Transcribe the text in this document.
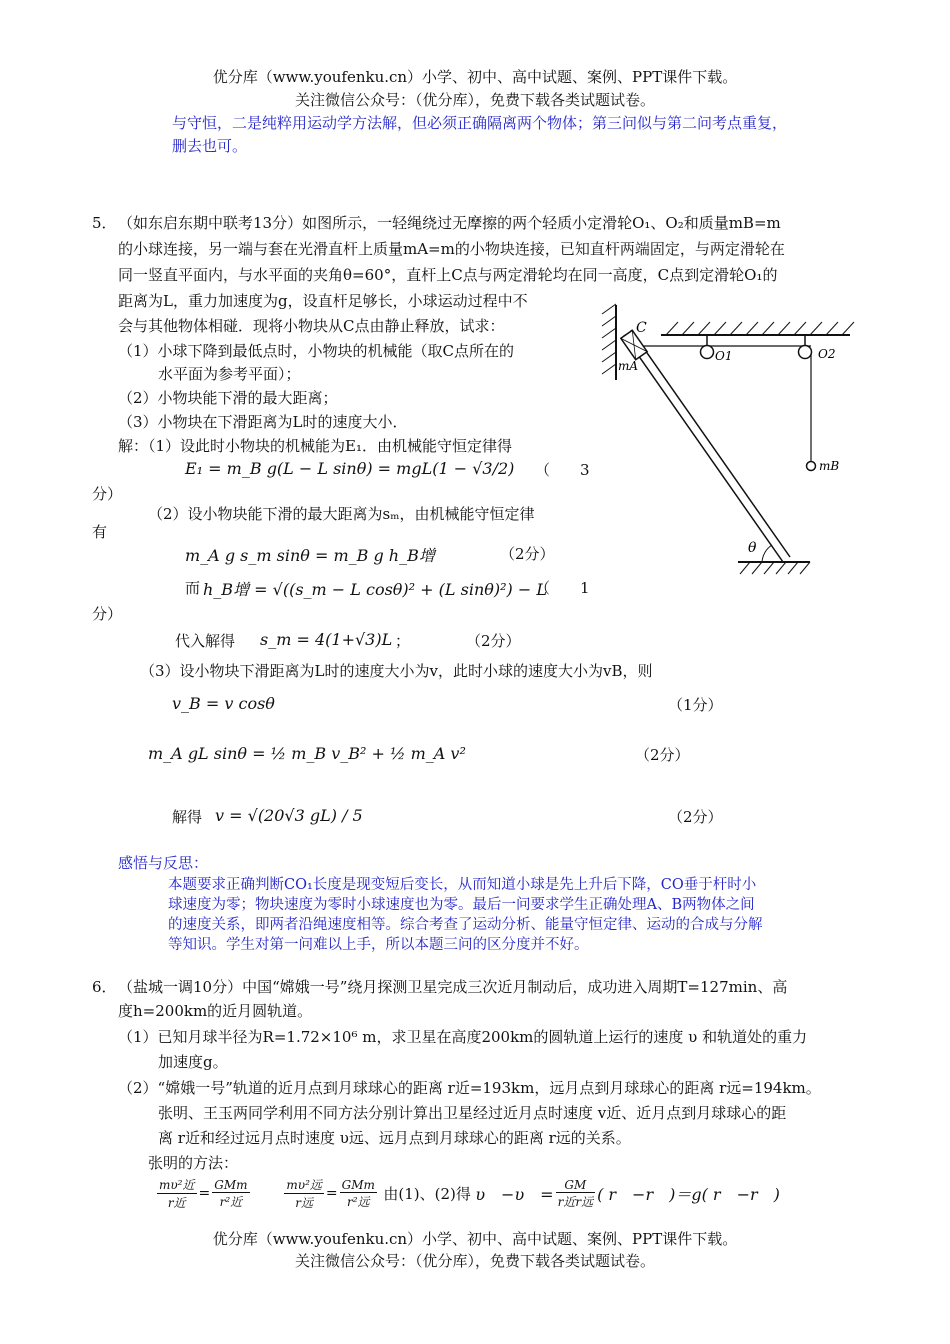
优分库（www.youfenku.cn）小学、初中、高中试题、案例、PPT课件下载。
关注微信公众号：（优分库），免费下载各类试题试卷。
与守恒，二是纯粹用运动学方法解，但必须正确隔离两个物体；第三问似与第二问考点重复，
删去也可。
5． （如东启东期中联考13分）如图所示，一轻绳绕过无摩擦的两个轻质小定滑轮O₁、O₂和质量mB=m
的小球连接，另一端与套在光滑直杆上质量mA=m的小物块连接，已知直杆两端固定，与两定滑轮在
同一竖直平面内，与水平面的夹角θ=60°，直杆上C点与两定滑轮均在同一高度，C点到定滑轮O₁的
距离为L，重力加速度为g，设直杆足够长，小球运动过程中不
会与其他物体相碰．现将小物块从C点由静止释放，试求：
（1）小球下降到最低点时，小物块的机械能（取C点所在的
水平面为参考平面）；
（2）小物块能下滑的最大距离；
（3）小物块在下滑距离为L时的速度大小．
解：（1）设此时小物块的机械能为E₁．由机械能守恒定律得
E₁ = m_B g(L − L sinθ) = mgL(1 − √3/2) （　　3
分）
（2）设小物块能下滑的最大距离为sₘ，由机械能守恒定律
有
m_A g s_m sinθ = m_B g h_B增	（2分）
而 h_B增 = √((s_m − L cosθ)² + (L sinθ)²) − L
（　　1
分）
代入解得 s_m = 4(1+√3)L ；	（2分）
（3）设小物块下滑距离为L时的速度大小为v，此时小球的速度大小为vB，则
v_B = v cosθ	（1分）
m_A gL sinθ = ½ m_B v_B² + ½ m_A v²	（2分）
解得 v = √(20√3 gL) / 5	（2分）
C
mA
O1	O2
mB
θ
感悟与反思：
本题要求正确判断CO₁长度是现变短后变长，从而知道小球是先上升后下降，CO垂于杆时小
球速度为零；物块速度为零时小球速度也为零。最后一问要求学生正确处理A、B两物体之间
的速度关系，即两者沿绳速度相等。综合考查了运动分析、能量守恒定律、运动的合成与分解
等知识。学生对第一问难以上手，所以本题三问的区分度并不好。
6． （盐城一调10分）中国“嫦娥一号”绕月探测卫星完成三次近月制动后，成功进入周期T=127min、高
度h=200km的近月圆轨道。
（1）已知月球半径为R=1.72×10⁶ m，求卫星在高度200km的圆轨道上运行的速度 υ 和轨道处的重力
加速度g。
（2）“嫦娥一号”轨道的近月点到月球球心的距离 r近=193km，远月点到月球球心的距离 r远=194km。
张明、王玉两同学利用不同方法分别计算出卫星经过近月点时速度 v近、近月点到月球球心的距
离 r近和经过远月点时速度 υ远、远月点到月球球心的距离 r远的关系。
张明的方法：
$\frac{\text{mυ²近}}{\text{r近}} = \frac{\text{GMm}}{\text{r²近}}$
	$\frac{\text{mυ²远}}{\text{r远}} = \frac{\text{GMm}}{\text{r²远}}$ 由(1)、(2)得 υ　−υ　= $\frac{GM}{\text{r近r远}}$ ( r　−r　)＝g( r　−r　)
优分库（www.youfenku.cn）小学、初中、高中试题、案例、PPT课件下载。
关注微信公众号：（优分库），免费下载各类试题试卷。
